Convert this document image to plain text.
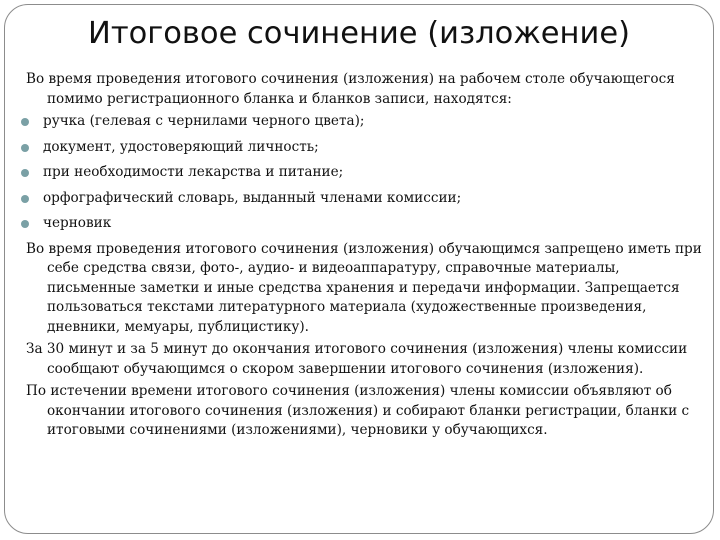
Итоговое сочинение (изложение)
Во время проведения итогового сочинения (изложения) на рабочем столе обучающегося помимо регистрационного бланка и бланков записи, находятся:
ручка (гелевая с чернилами черного цвета);
документ, удостоверяющий личность;
при необходимости лекарства и питание;
орфографический словарь, выданный членами комиссии;
черновик
Во время проведения итогового сочинения (изложения) обучающимся запрещено иметь при себе средства связи, фото-, аудио- и видеоаппаратуру, справочные материалы, письменные заметки и иные средства хранения и передачи информации. Запрещается пользоваться текстами литературного материала (художественные произведения, дневники, мемуары, публицистику).
За 30 минут и за 5 минут до окончания итогового сочинения (изложения) члены комиссии сообщают обучающимся о скором завершении итогового сочинения (изложения).
По истечении времени итогового сочинения (изложения) члены комиссии объявляют об окончании итогового сочинения (изложения) и собирают бланки регистрации, бланки с итоговыми сочинениями (изложениями), черновики у обучающихся.
